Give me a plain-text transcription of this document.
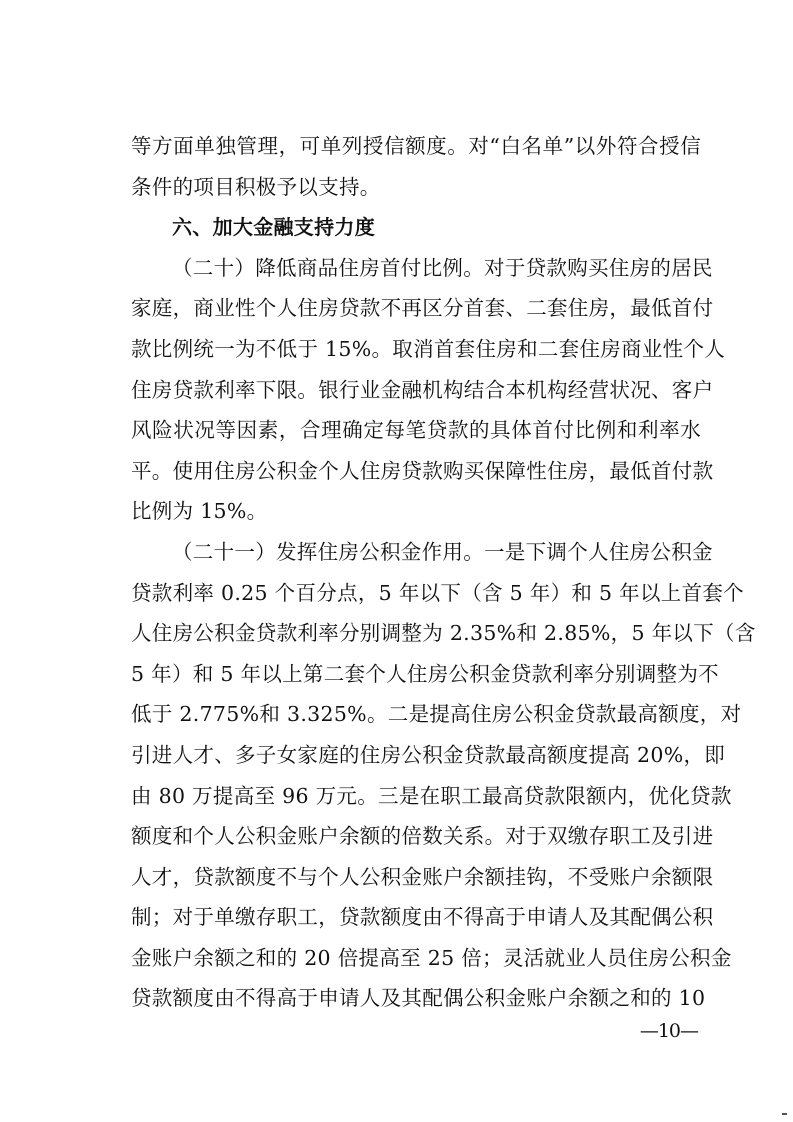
等方面单独管理，可单列授信额度。对“白名单”以外符合授信
条件的项目积极予以支持。
六、加大金融支持力度
（二十）降低商品住房首付比例。对于贷款购买住房的居民
家庭，商业性个人住房贷款不再区分首套、二套住房，最低首付
款比例统一为不低于 15%。取消首套住房和二套住房商业性个人
住房贷款利率下限。银行业金融机构结合本机构经营状况、客户
风险状况等因素，合理确定每笔贷款的具体首付比例和利率水
平。使用住房公积金个人住房贷款购买保障性住房，最低首付款
比例为 15%。
（二十一）发挥住房公积金作用。一是下调个人住房公积金
贷款利率 0.25 个百分点，5 年以下（含 5 年）和 5 年以上首套个
人住房公积金贷款利率分别调整为 2.35%和 2.85%，5 年以下（含
5 年）和 5 年以上第二套个人住房公积金贷款利率分别调整为不
低于 2.775%和 3.325%。二是提高住房公积金贷款最高额度，对
引进人才、多子女家庭的住房公积金贷款最高额度提高 20%，即
由 80 万提高至 96 万元。三是在职工最高贷款限额内，优化贷款
额度和个人公积金账户余额的倍数关系。对于双缴存职工及引进
人才，贷款额度不与个人公积金账户余额挂钩，不受账户余额限
制；对于单缴存职工，贷款额度由不得高于申请人及其配偶公积
金账户余额之和的 20 倍提高至 25 倍；灵活就业人员住房公积金
贷款额度由不得高于申请人及其配偶公积金账户余额之和的 10
—10—
